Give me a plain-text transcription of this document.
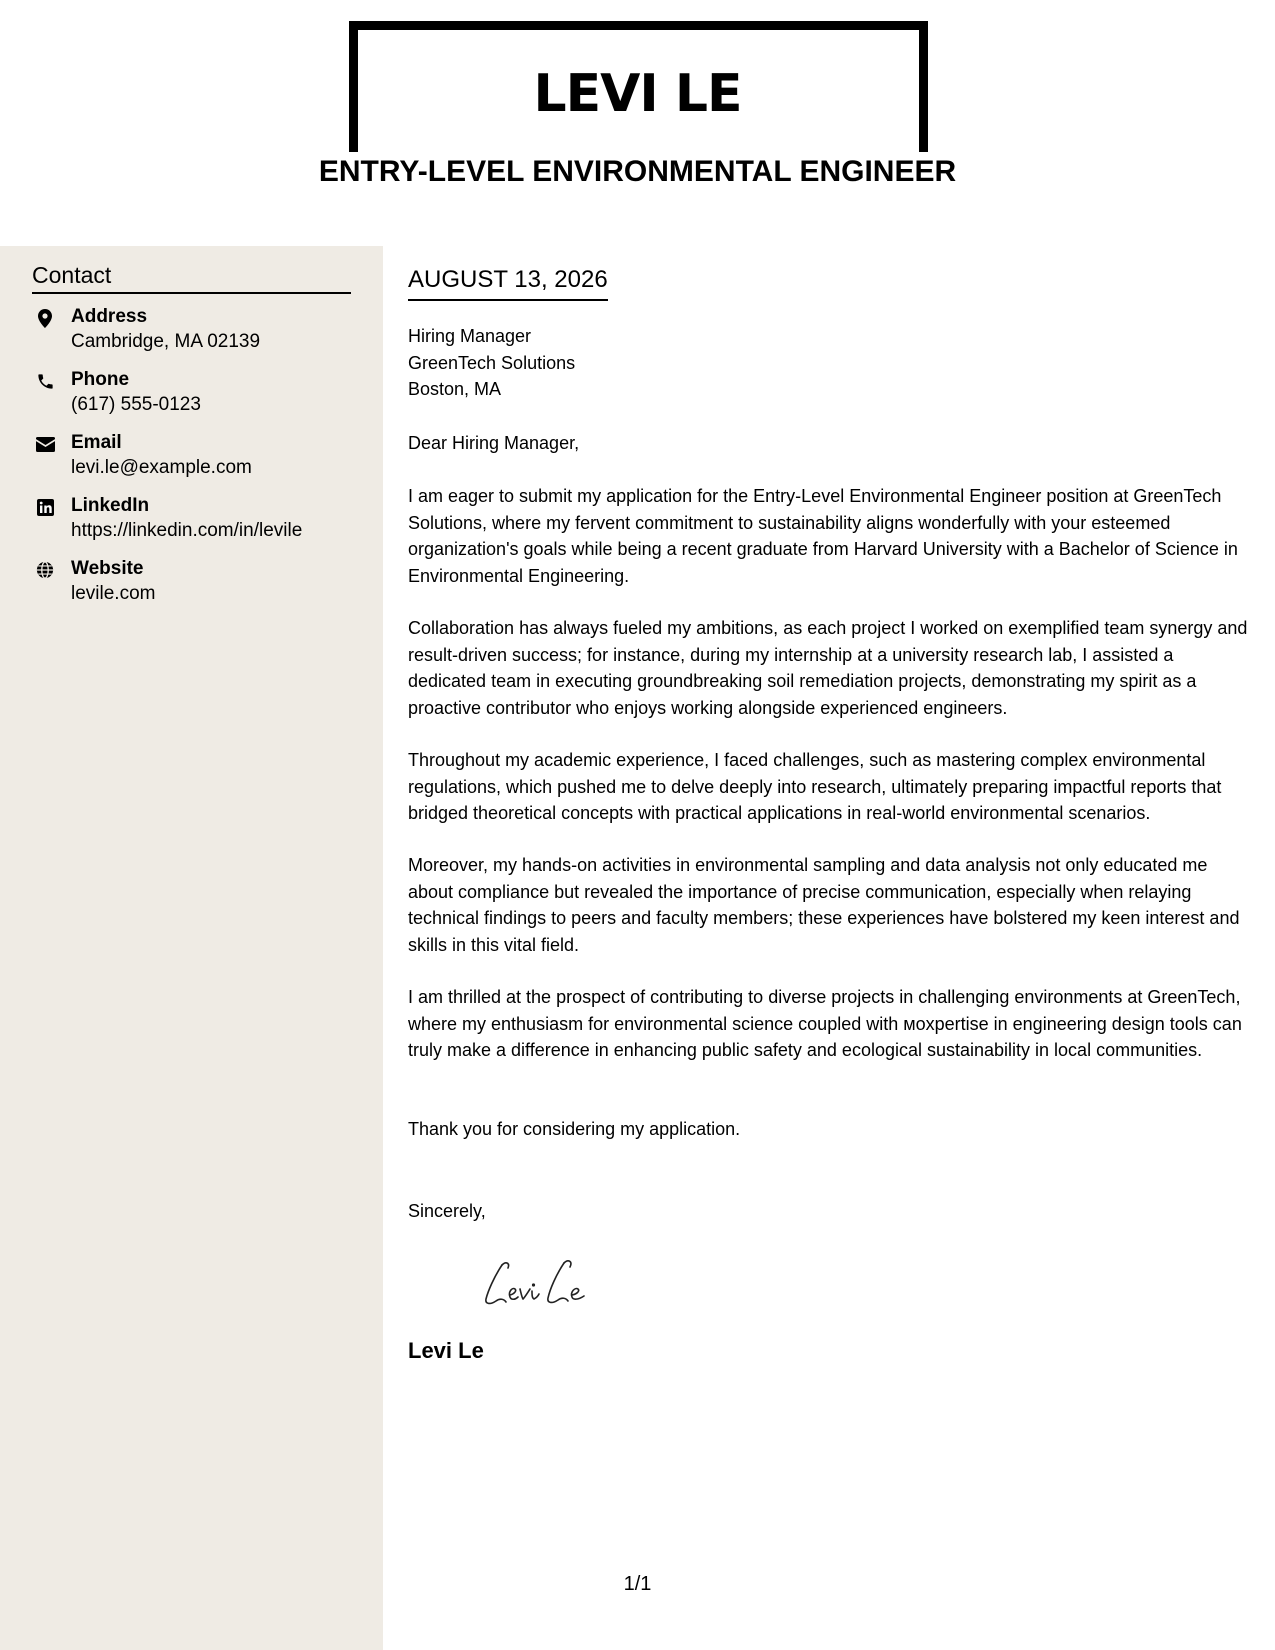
LEVI LE
ENTRY-LEVEL ENVIRONMENTAL ENGINEER
Contact
Address
Cambridge, MA 02139
Phone
(617) 555-0123
Email
levi.le@example.com
LinkedIn
https://linkedin.com/in/levile
Website
levile.com
AUGUST 13, 2026
Hiring Manager
GreenTech Solutions
Boston, MA
Dear Hiring Manager,

I am eager to submit my application for the Entry-Level Environmental Engineer position at GreenTech Solutions, where my fervent commitment to sustainability aligns wonderfully with your esteemed organization's goals while being a recent graduate from Harvard University with a Bachelor of Science in Environmental Engineering.

Collaboration has always fueled my ambitions, as each project I worked on exemplified team synergy and result-driven success; for instance, during my internship at a university research lab, I assisted a dedicated team in executing groundbreaking soil remediation projects, demonstrating my spirit as a proactive contributor who enjoys working alongside experienced engineers.

Throughout my academic experience, I faced challenges, such as mastering complex environmental regulations, which pushed me to delve deeply into research, ultimately preparing impactful reports that bridged theoretical concepts with practical applications in real-world environmental scenarios.

Moreover, my hands-on activities in environmental sampling and data analysis not only educated me about compliance but revealed the importance of precise communication, especially when relaying technical findings to peers and faculty members; these experiences have bolstered my keen interest and skills in this vital field.

I am thrilled at the prospect of contributing to diverse projects in challenging environments at GreenTech, where my enthusiasm for environmental science coupled with мoxpertise in engineering design tools can truly make a difference in enhancing public safety and ecological sustainability in local communities.

Thank you for considering my application.

Sincerely,
Levi Le
1/1
